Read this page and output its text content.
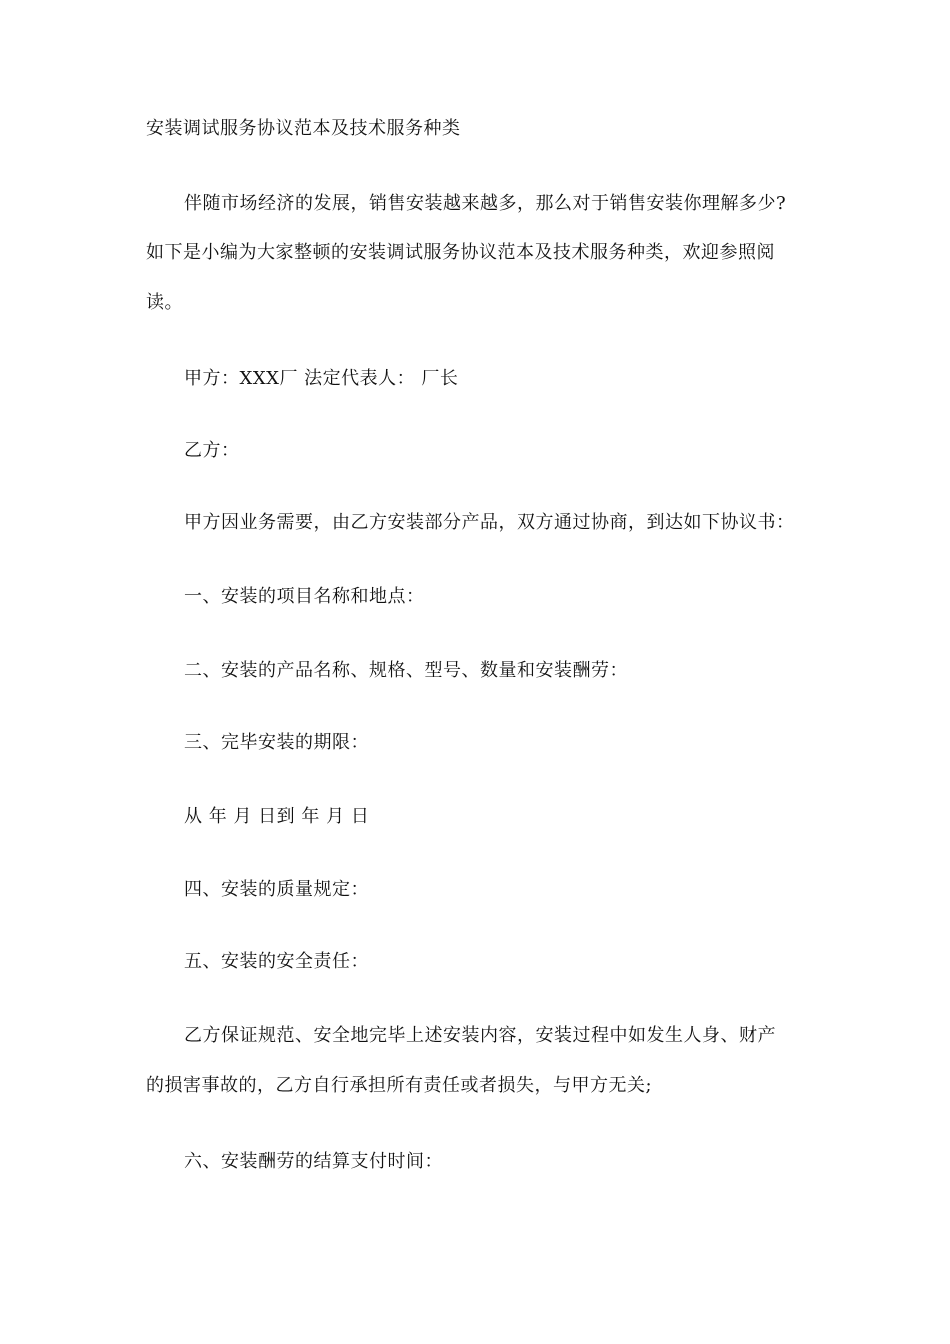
安装调试服务协议范本及技术服务种类
伴随市场经济的发展，销售安装越来越多，那么对于销售安装你理解多少?
如下是小编为大家整顿的安装调试服务协议范本及技术服务种类，欢迎参照阅
读。
甲方：XXX厂 法定代表人： 厂长
乙方：
甲方因业务需要，由乙方安装部分产品，双方通过协商，到达如下协议书：
一、安装的项目名称和地点：
二、安装的产品名称、规格、型号、数量和安装酬劳：
三、完毕安装的期限：
从 年 月 日到 年 月 日
四、安装的质量规定：
五、安装的安全责任：
乙方保证规范、安全地完毕上述安装内容，安装过程中如发生人身、财产
的损害事故的，乙方自行承担所有责任或者损失，与甲方无关;
六、安装酬劳的结算支付时间：
